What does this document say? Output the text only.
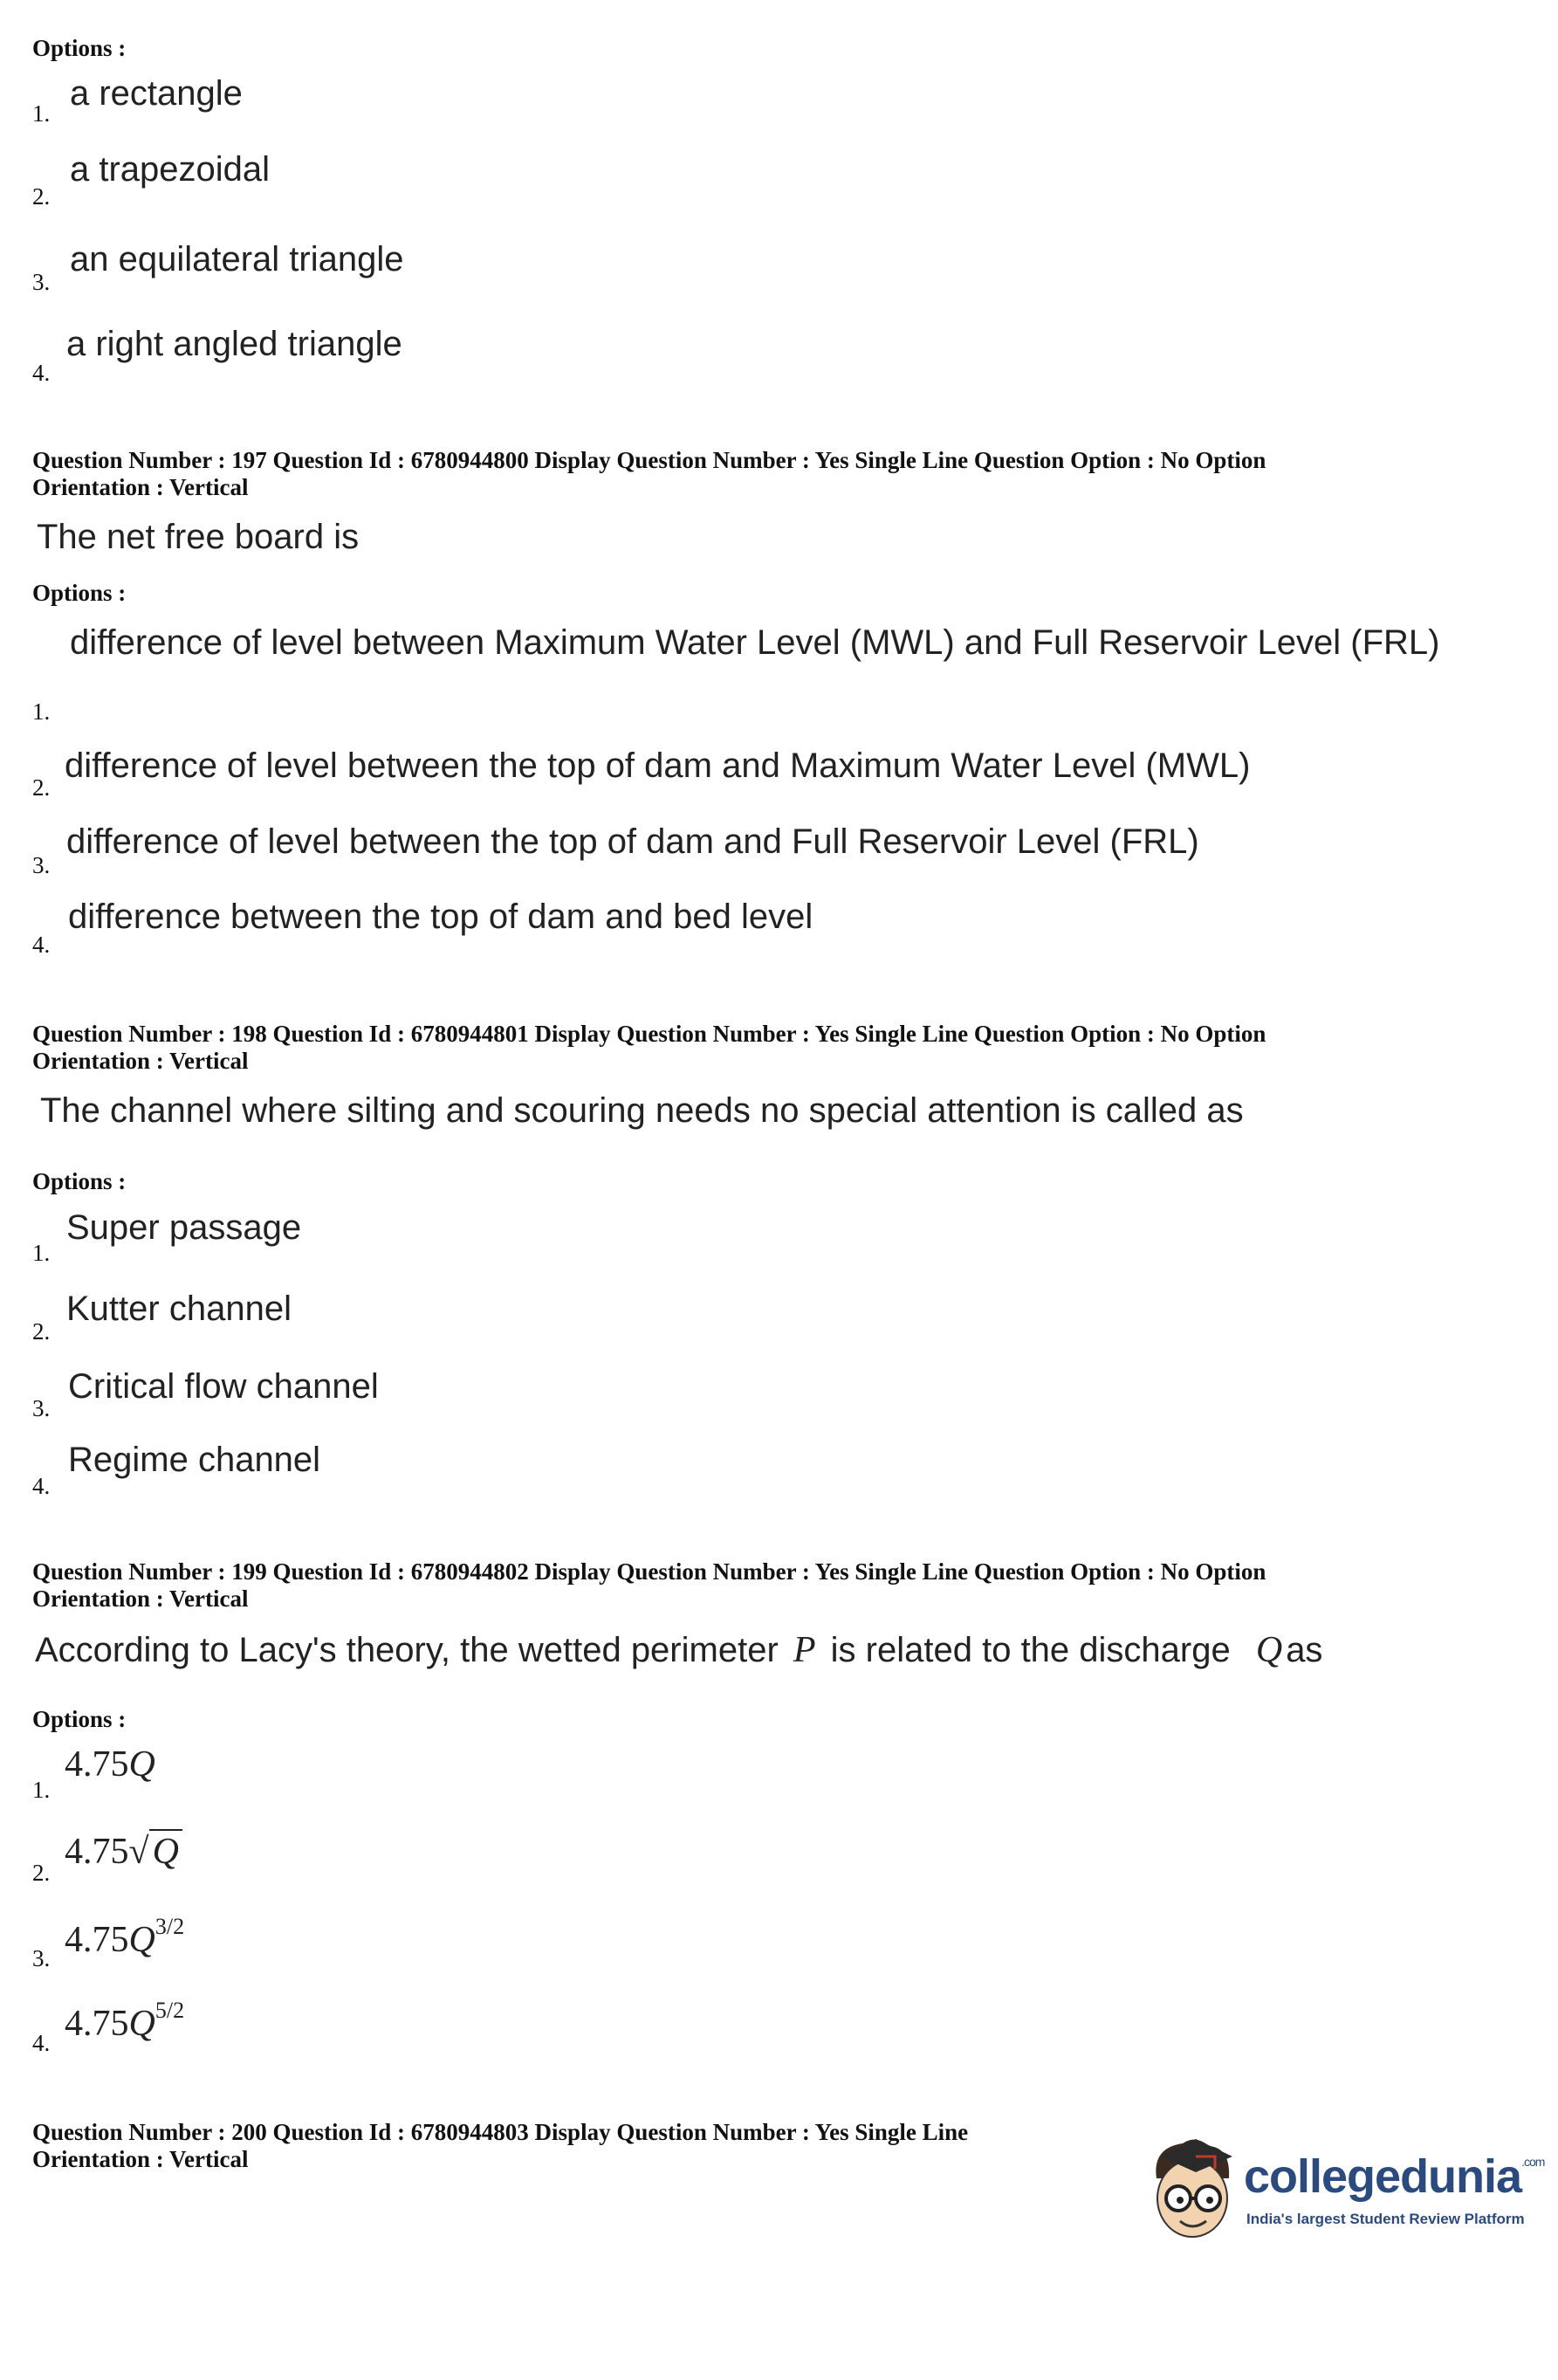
Options :
1.
a rectangle
2.
a trapezoidal
3.
an equilateral triangle
4.
a right angled triangle
Question Number : 197 Question Id : 6780944800 Display Question Number : Yes Single Line Question Option : No Option
Orientation : Vertical
The net free board is
Options :
1.
difference of level between Maximum Water Level (MWL) and Full Reservoir Level (FRL)
2.
difference of level between the top of dam and Maximum Water Level (MWL)
3.
difference of level between the top of dam and Full Reservoir Level (FRL)
4.
difference between the top of dam and bed level
Question Number : 198 Question Id : 6780944801 Display Question Number : Yes Single Line Question Option : No Option
Orientation : Vertical
The channel where silting and scouring needs no special attention is called as
Options :
1.
Super passage
2.
Kutter channel
3.
Critical flow channel
4.
Regime channel
Question Number : 199 Question Id : 6780944802 Display Question Number : Yes Single Line Question Option : No Option
Orientation : Vertical
According to Lacy's theory, the wetted perimeter P is related to the discharge Q as
Options :
1.
4.75Q
2.
4.75√Q
3. $4.75Q^{3/2}$
4. $4.75Q^{5/2}$
Question Number : 200 Question Id : 6780944803 Display Question Number : Yes Single Line
Orientation : Vertical	collegedunia$^{.com}$
India's largest Student Review Platform
